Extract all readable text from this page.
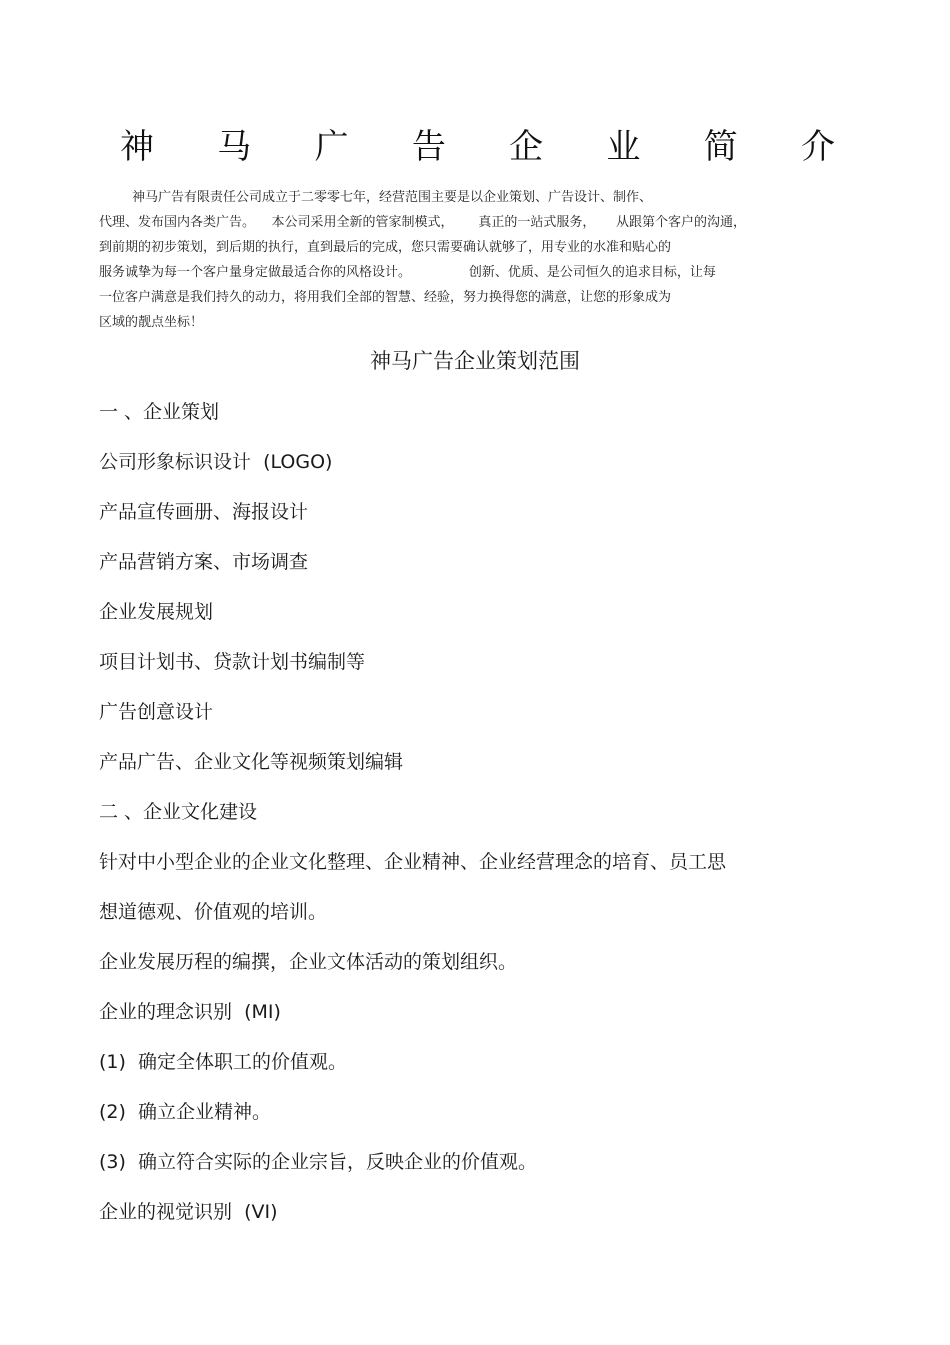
神 马 广 告 企 业 简 介
神马广告有限责任公司成立于二零零七年，经营范围主要是以企业策划、广告设计、制作、
代理、发布国内各类广告。    本公司采用全新的管家制模式，      真正的一站式服务，     从跟第个客户的沟通，
到前期的初步策划，到后期的执行，直到最后的完成，您只需要确认就够了，用专业的水准和贴心的
服务诚挚为每一个客户量身定做最适合你的风格设计。              创新、优质、是公司恒久的追求目标，让每
一位客户满意是我们持久的动力，将用我们全部的智慧、经验，努力换得您的满意，让您的形象成为
区域的靓点坐标！
神马广告企业策划范围
一 、企业策划
公司形象标识设计  (LOGO)
产品宣传画册、海报设计
产品营销方案、市场调查
企业发展规划
项目计划书、贷款计划书编制等
广告创意设计
产品广告、企业文化等视频策划编辑
二 、企业文化建设
针对中小型企业的企业文化整理、企业精神、企业经营理念的培育、员工思
想道德观、价值观的培训。
企业发展历程的编撰，企业文体活动的策划组织。
企业的理念识别  (MI)
(1)  确定全体职工的价值观。
(2)  确立企业精神。
(3)  确立符合实际的企业宗旨，反映企业的价值观。
企业的视觉识别  (VI)
